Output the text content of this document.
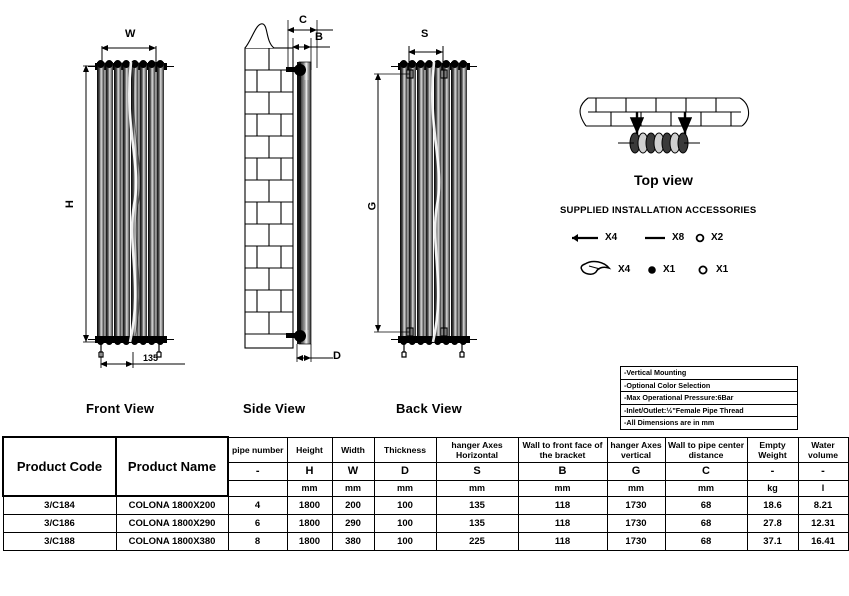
W
H
C
B
D
S
G
135
Front View	Side View	Back View
Top view
SUPPLIED INSTALLATION ACCESSORIES
X4	X8	X2
X4	X1	X1
-Vertical Mounting
-Optional Color Selection
-Max Operational Pressure:6Bar
-Inlet/Outlet:½"Female Pipe Thread
-All Dimensions are in mm
Product Code	Product Name	pipe number	Height	Width	Thickness	hanger Axes Horizontal	Wall to front face of the bracket	hanger Axes vertical	Wall to pipe center distance	Empty Weight	Water volume
		-	H	W	D	S	B	G	C	-	-
			mm	mm	mm	mm	mm	mm	mm	kg	l
3/C184	COLONA 1800X200	4	1800	200	100	135	118	1730	68	18.6	8.21
3/C186	COLONA 1800X290	6	1800	290	100	135	118	1730	68	27.8	12.31
3/C188	COLONA 1800X380	8	1800	380	100	225	118	1730	68	37.1	16.41
